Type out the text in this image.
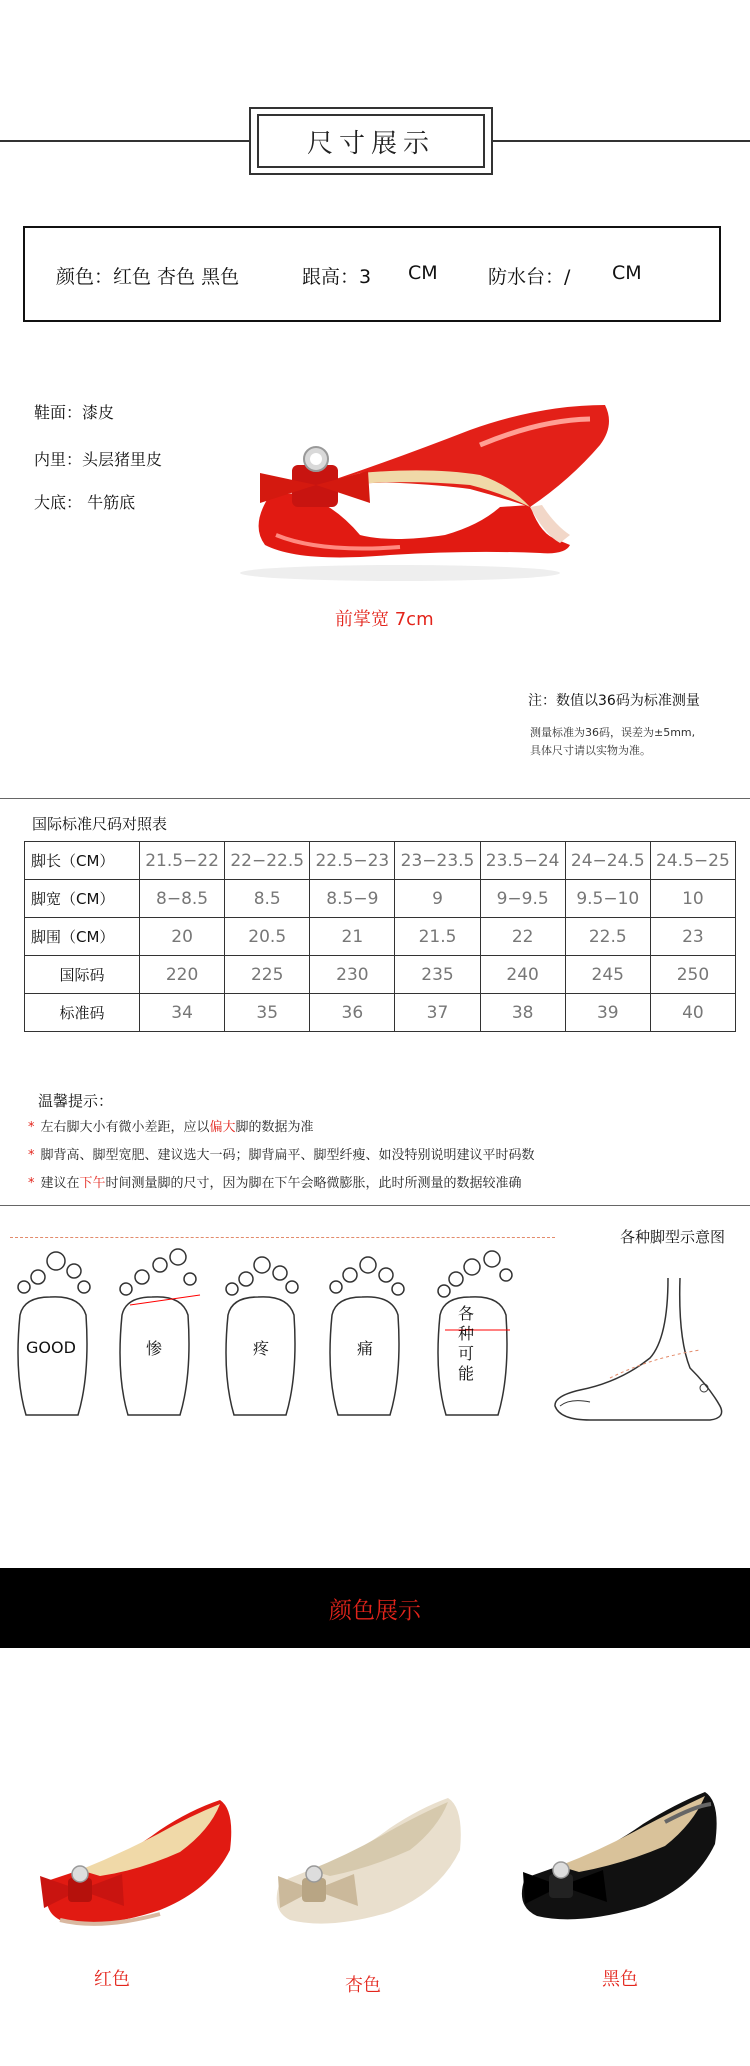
尺寸展示
颜色：红色 杏色 黑色	跟高：3 CM	防水台：/ CM
鞋面：漆皮
内里：头层猪里皮
大底： 牛筋底
前掌宽 7cm
注：数值以36码为标准测量
测量标准为36码，误差为±5mm,
具体尺寸请以实物为准。
国际标准尺码对照表
脚长（CM）	21.5−22	22−22.5	22.5−23	23−23.5	23.5−24	24−24.5	24.5−25
脚宽（CM）	8−8.5	8.5	8.5−9	9	9−9.5	9.5−10	10
脚围（CM）	20	20.5	21	21.5	22	22.5	23
国际码	220	225	230	235	240	245	250
标准码	34	35	36	37	38	39	40
温馨提示：
* 左右脚大小有微小差距，应以偏大脚的数据为准
* 脚背高、脚型宽肥、建议选大一码；脚背扁平、脚型纤瘦、如没特别说明建议平时码数
* 建议在下午时间测量脚的尺寸，因为脚在下午会略微膨胀，此时所测量的数据较准确
各种脚型示意图
GOOD	惨	疼	痛
各种可能
颜色展示
红色	杏色	黑色
